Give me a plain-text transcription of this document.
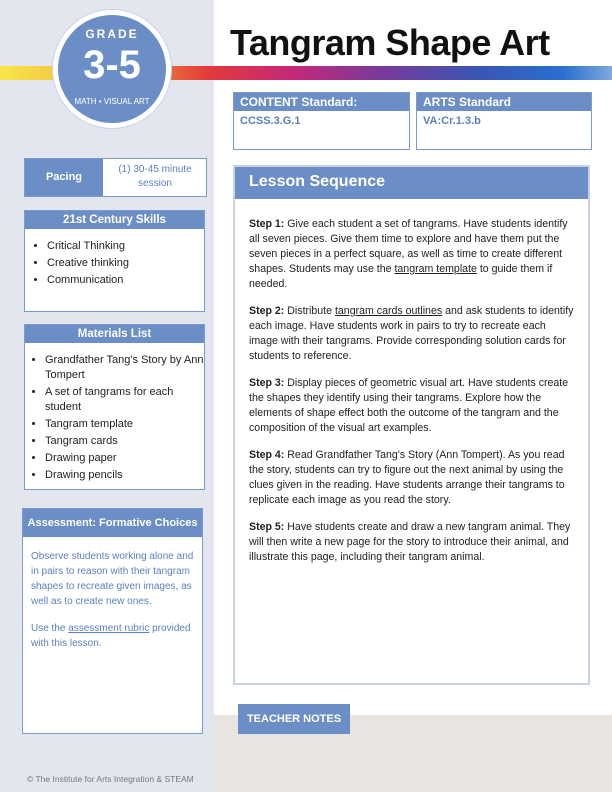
GRADE
3-5
MATH • VISUAL ART
Tangram Shape Art
CONTENT Standard:
CCSS.3.G.1
ARTS Standard
VA:Cr.1.3.b
Pacing
(1) 30-45 minute session
21st Century Skills
• Critical Thinking
• Creative thinking
• Communication
Materials List
• Grandfather Tang's Story by Ann Tompert
• A set of tangrams for each student
• Tangram template
• Tangram cards
• Drawing paper
• Drawing pencils
Assessment: Formative Choices

Observe students working alone and in pairs to reason with their tangram shapes to recreate given images, as well as to create new ones.

Use the assessment rubric provided with this lesson.

Lesson Sequence
Step 1: Give each student a set of tangrams. Have students identify all seven pieces. Give them time to explore and have them put the seven pieces in a perfect square, as well as time to create different shapes. Students may use the tangram template to guide them if needed.
Step 2: Distribute tangram cards outlines and ask students to identify each image. Have students work in pairs to try to recreate each image with their tangrams. Provide corresponding solution cards for students to reference.
Step 3: Display pieces of geometric visual art. Have students create the shapes they identify using their tangrams. Explore how the elements of shape effect both the outcome of the tangram and the composition of the visual art examples.
Step 4: Read Grandfather Tang's Story (Ann Tompert). As you read the story, students can try to figure out the next animal by using the clues given in the reading. Have students arrange their tangrams to replicate each image as you read the story.
Step 5: Have students create and draw a new tangram animal. They will then write a new page for the story to introduce their animal, and illustrate this page, including their tangram animal.
TEACHER NOTES
© The Institute for Arts Integration & STEAM
